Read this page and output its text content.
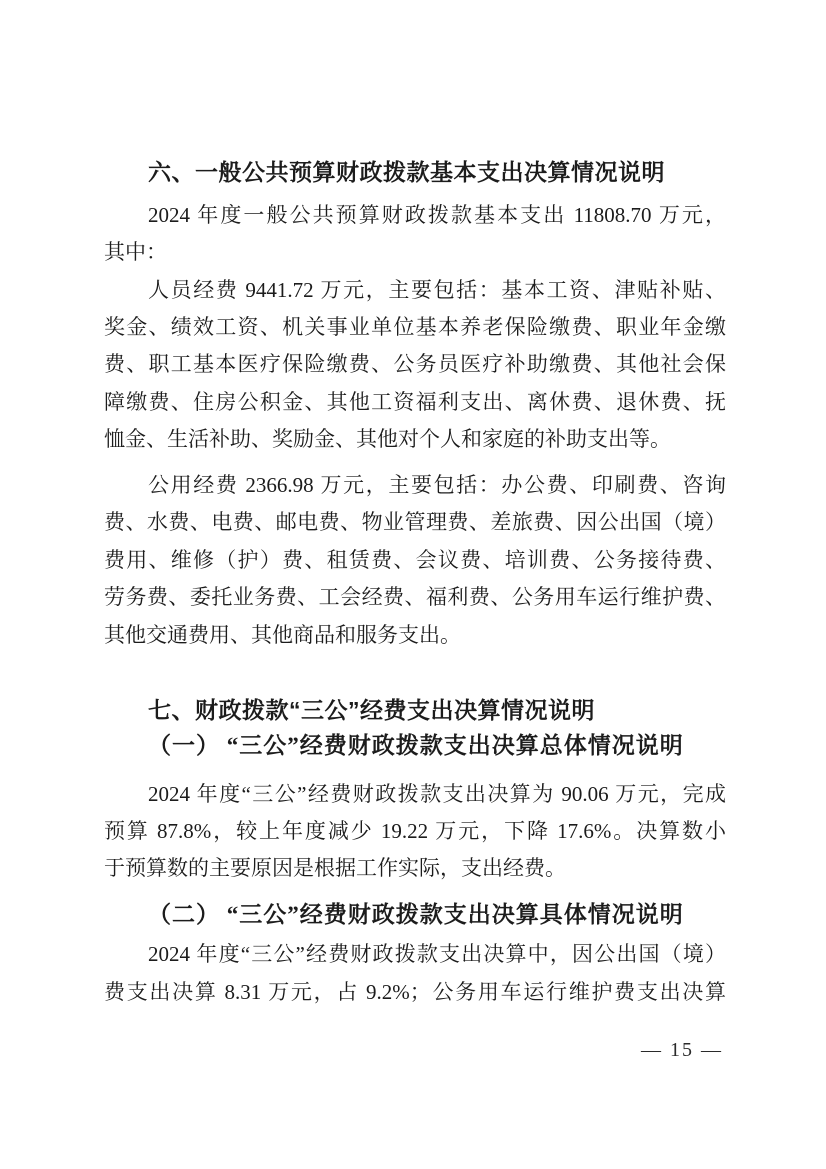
六、一般公共预算财政拨款基本支出决算情况说明
2024 年度一般公共预算财政拨款基本支出 11808.70 万元，
其中：
人员经费 9441.72 万元，主要包括：基本工资、津贴补贴、
奖金、绩效工资、机关事业单位基本养老保险缴费、职业年金缴
费、职工基本医疗保险缴费、公务员医疗补助缴费、其他社会保
障缴费、住房公积金、其他工资福利支出、离休费、退休费、抚
恤金、生活补助、奖励金、其他对个人和家庭的补助支出等。
公用经费 2366.98 万元，主要包括：办公费、印刷费、咨询
费、水费、电费、邮电费、物业管理费、差旅费、因公出国（境）
费用、维修（护）费、租赁费、会议费、培训费、公务接待费、
劳务费、委托业务费、工会经费、福利费、公务用车运行维护费、
其他交通费用、其他商品和服务支出。
七、财政拨款“三公”经费支出决算情况说明
（一） “三公”经费财政拨款支出决算总体情况说明
2024 年度“三公”经费财政拨款支出决算为 90.06 万元，完成
预算 87.8%，较上年度减少 19.22 万元，下降 17.6%。决算数小
于预算数的主要原因是根据工作实际，支出经费。
（二） “三公”经费财政拨款支出决算具体情况说明
2024 年度“三公”经费财政拨款支出决算中，因公出国（境）
费支出决算 8.31 万元，占 9.2%；公务用车运行维护费支出决算
— 15 —
